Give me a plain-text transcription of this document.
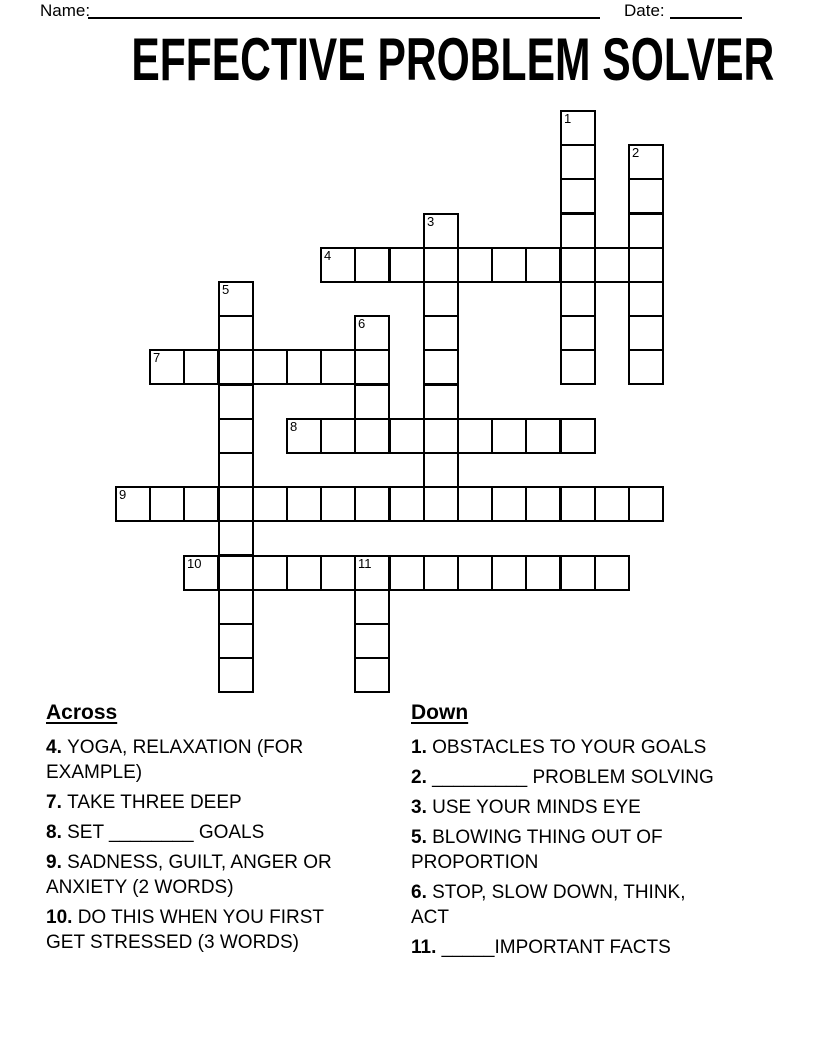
Name:	Date:
EFFECTIVE PROBLEM SOLVER
1
2
3
4
5
6
7
8
9
10	11
Across
4. YOGA, RELAXATION (FOR EXAMPLE)
7. TAKE THREE DEEP
8. SET ________ GOALS
9. SADNESS, GUILT, ANGER OR ANXIETY (2 WORDS)
10. DO THIS WHEN YOU FIRST GET STRESSED (3 WORDS)
Down
1. OBSTACLES TO YOUR GOALS
2. _________ PROBLEM SOLVING
3. USE YOUR MINDS EYE
5. BLOWING THING OUT OF PROPORTION
6. STOP, SLOW DOWN, THINK, ACT
11. _____IMPORTANT FACTS
